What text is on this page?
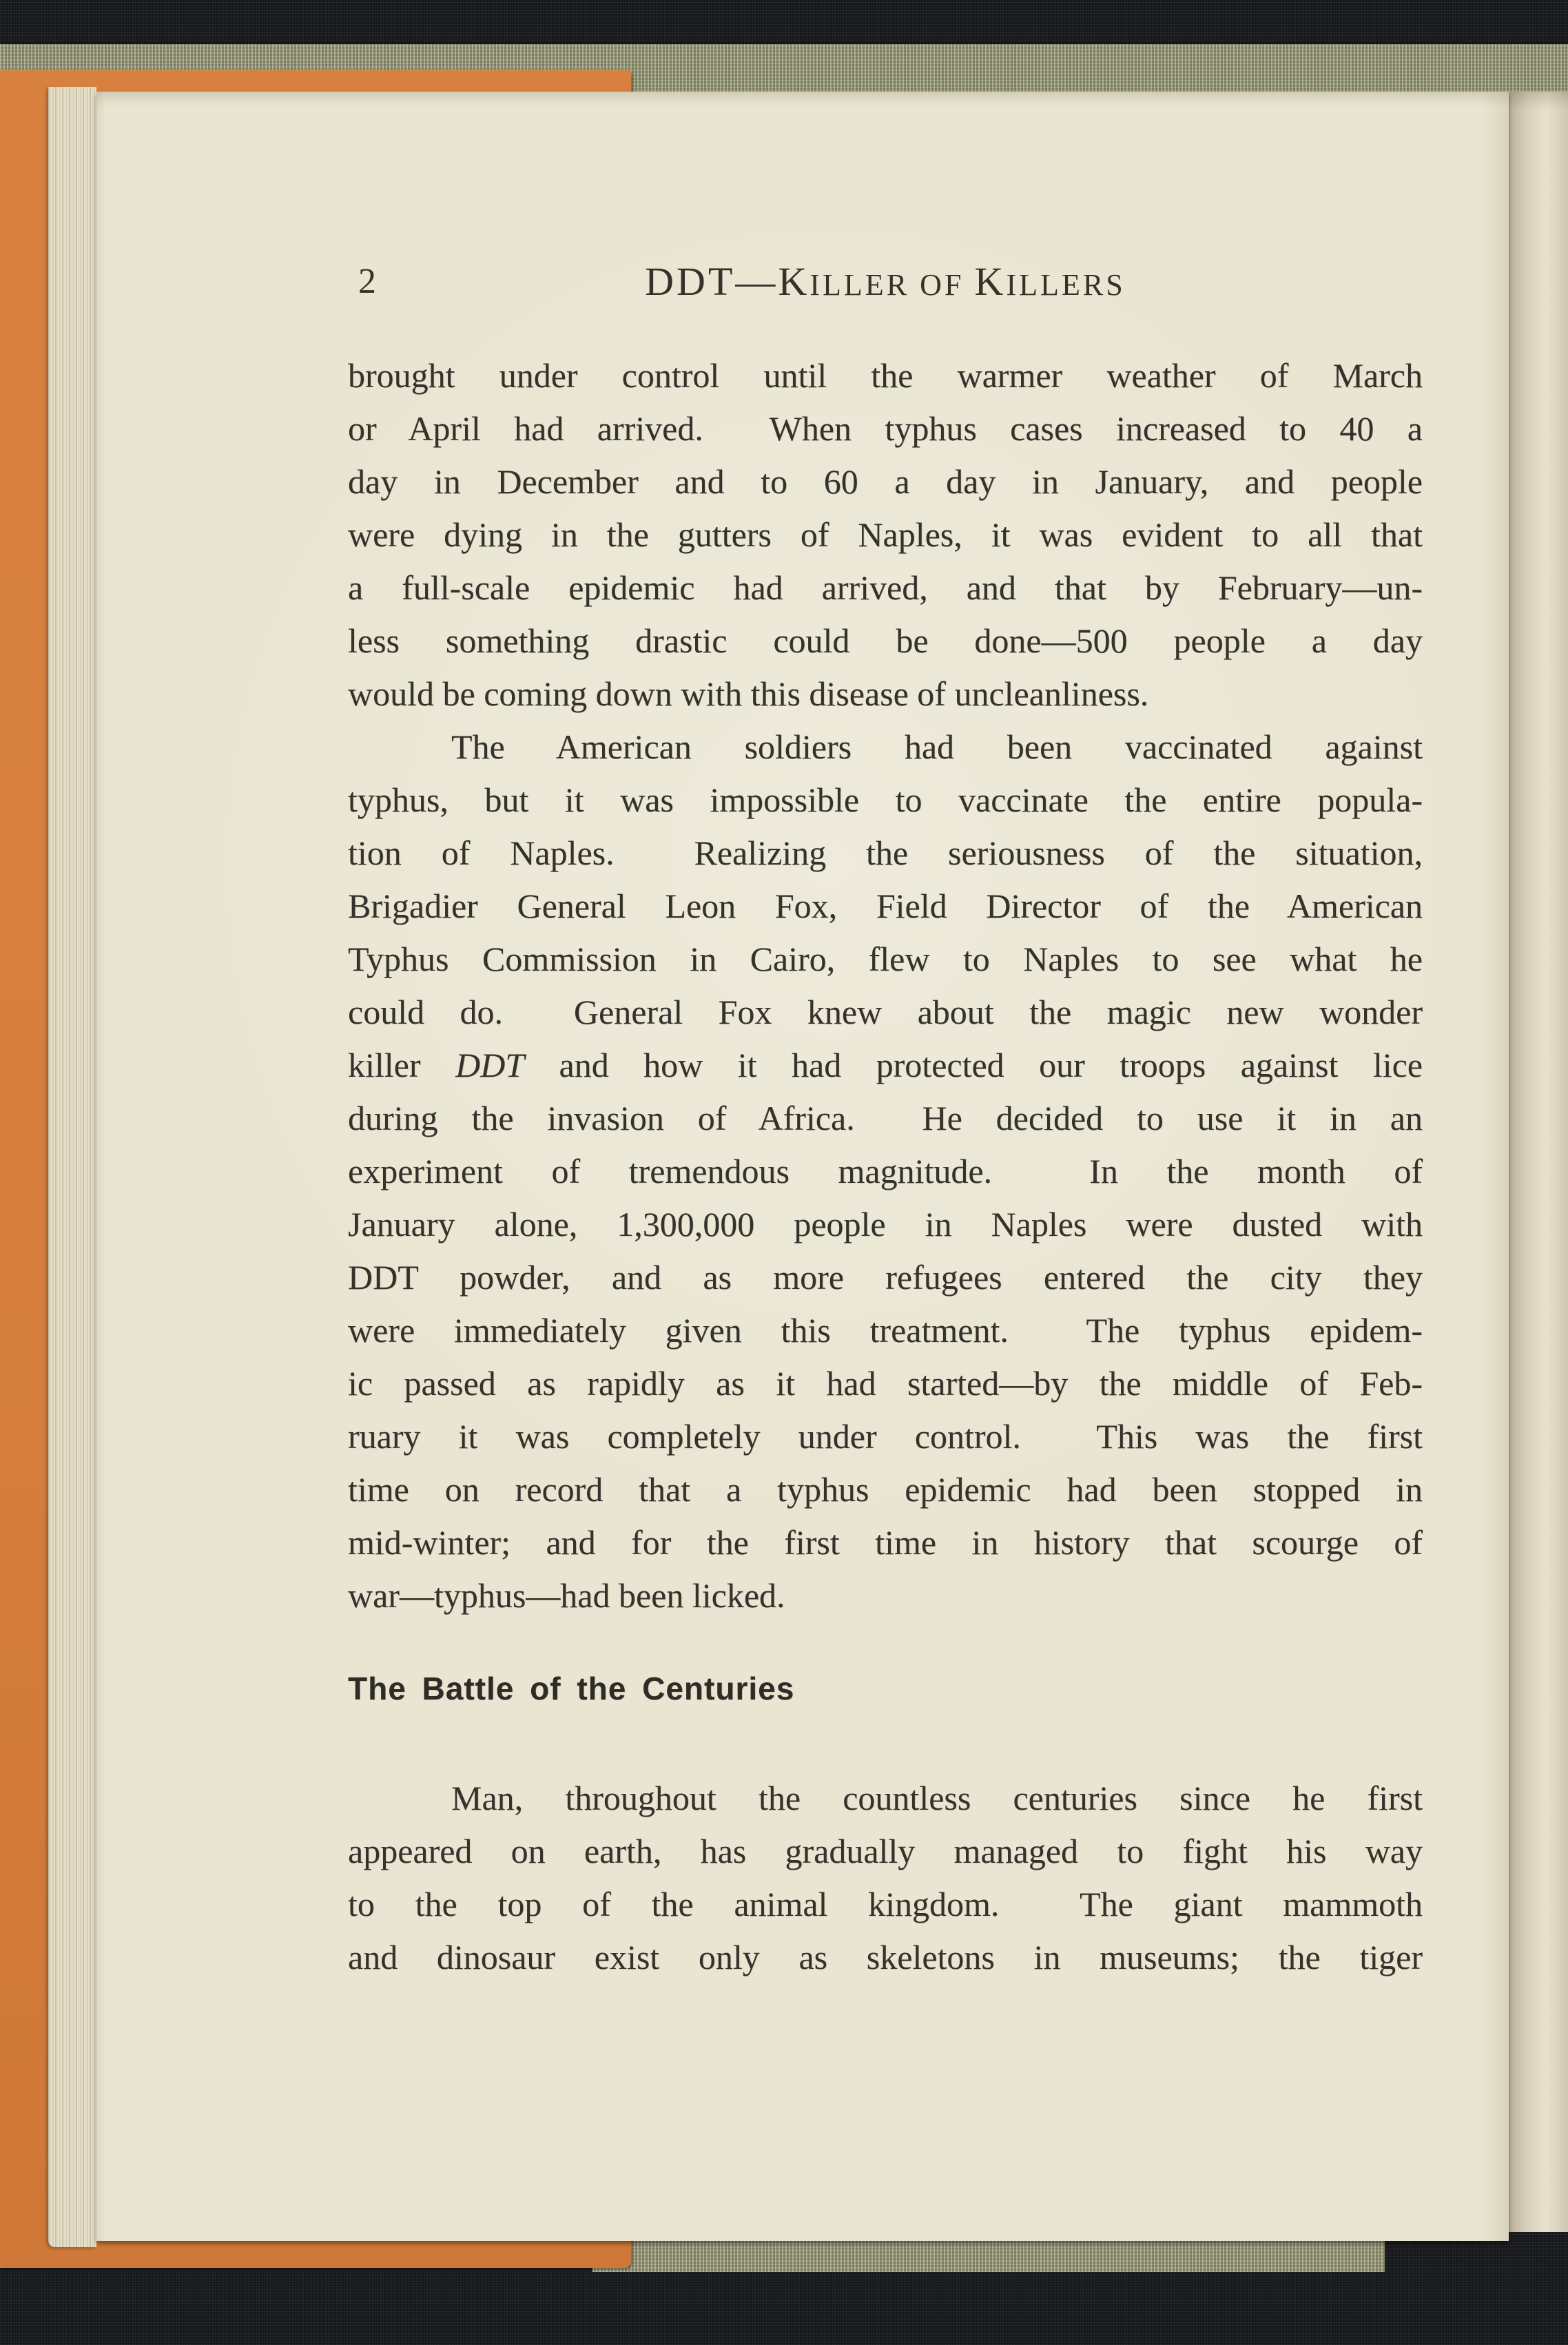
2	DDT—KILLER OF KILLERS
brought under control until the warmer weather of March
or April had arrived.  When typhus cases increased to 40 a
day in December and to 60 a day in January, and people
were dying in the gutters of Naples, it was evident to all that
a full-scale epidemic had arrived, and that by February—un-
less something drastic could be done—500 people a day
would be coming down with this disease of uncleanliness.
The American soldiers had been vaccinated against
typhus, but it was impossible to vaccinate the entire popula-
tion of Naples.  Realizing the seriousness of the situation,
Brigadier General Leon Fox, Field Director of the American
Typhus Commission in Cairo, flew to Naples to see what he
could do.  General Fox knew about the magic new wonder
killer DDT and how it had protected our troops against lice
during the invasion of Africa.  He decided to use it in an
experiment of tremendous magnitude.  In the month of
January alone, 1,300,000 people in Naples were dusted with
DDT powder, and as more refugees entered the city they
were immediately given this treatment.  The typhus epidem-
ic passed as rapidly as it had started—by the middle of Feb-
ruary it was completely under control.  This was the first
time on record that a typhus epidemic had been stopped in
mid-winter; and for the first time in history that scourge of
war—typhus—had been licked.
The Battle of the Centuries
Man, throughout the countless centuries since he first
appeared on earth, has gradually managed to fight his way
to the top of the animal kingdom.  The giant mammoth
and dinosaur exist only as skeletons in museums; the tiger
